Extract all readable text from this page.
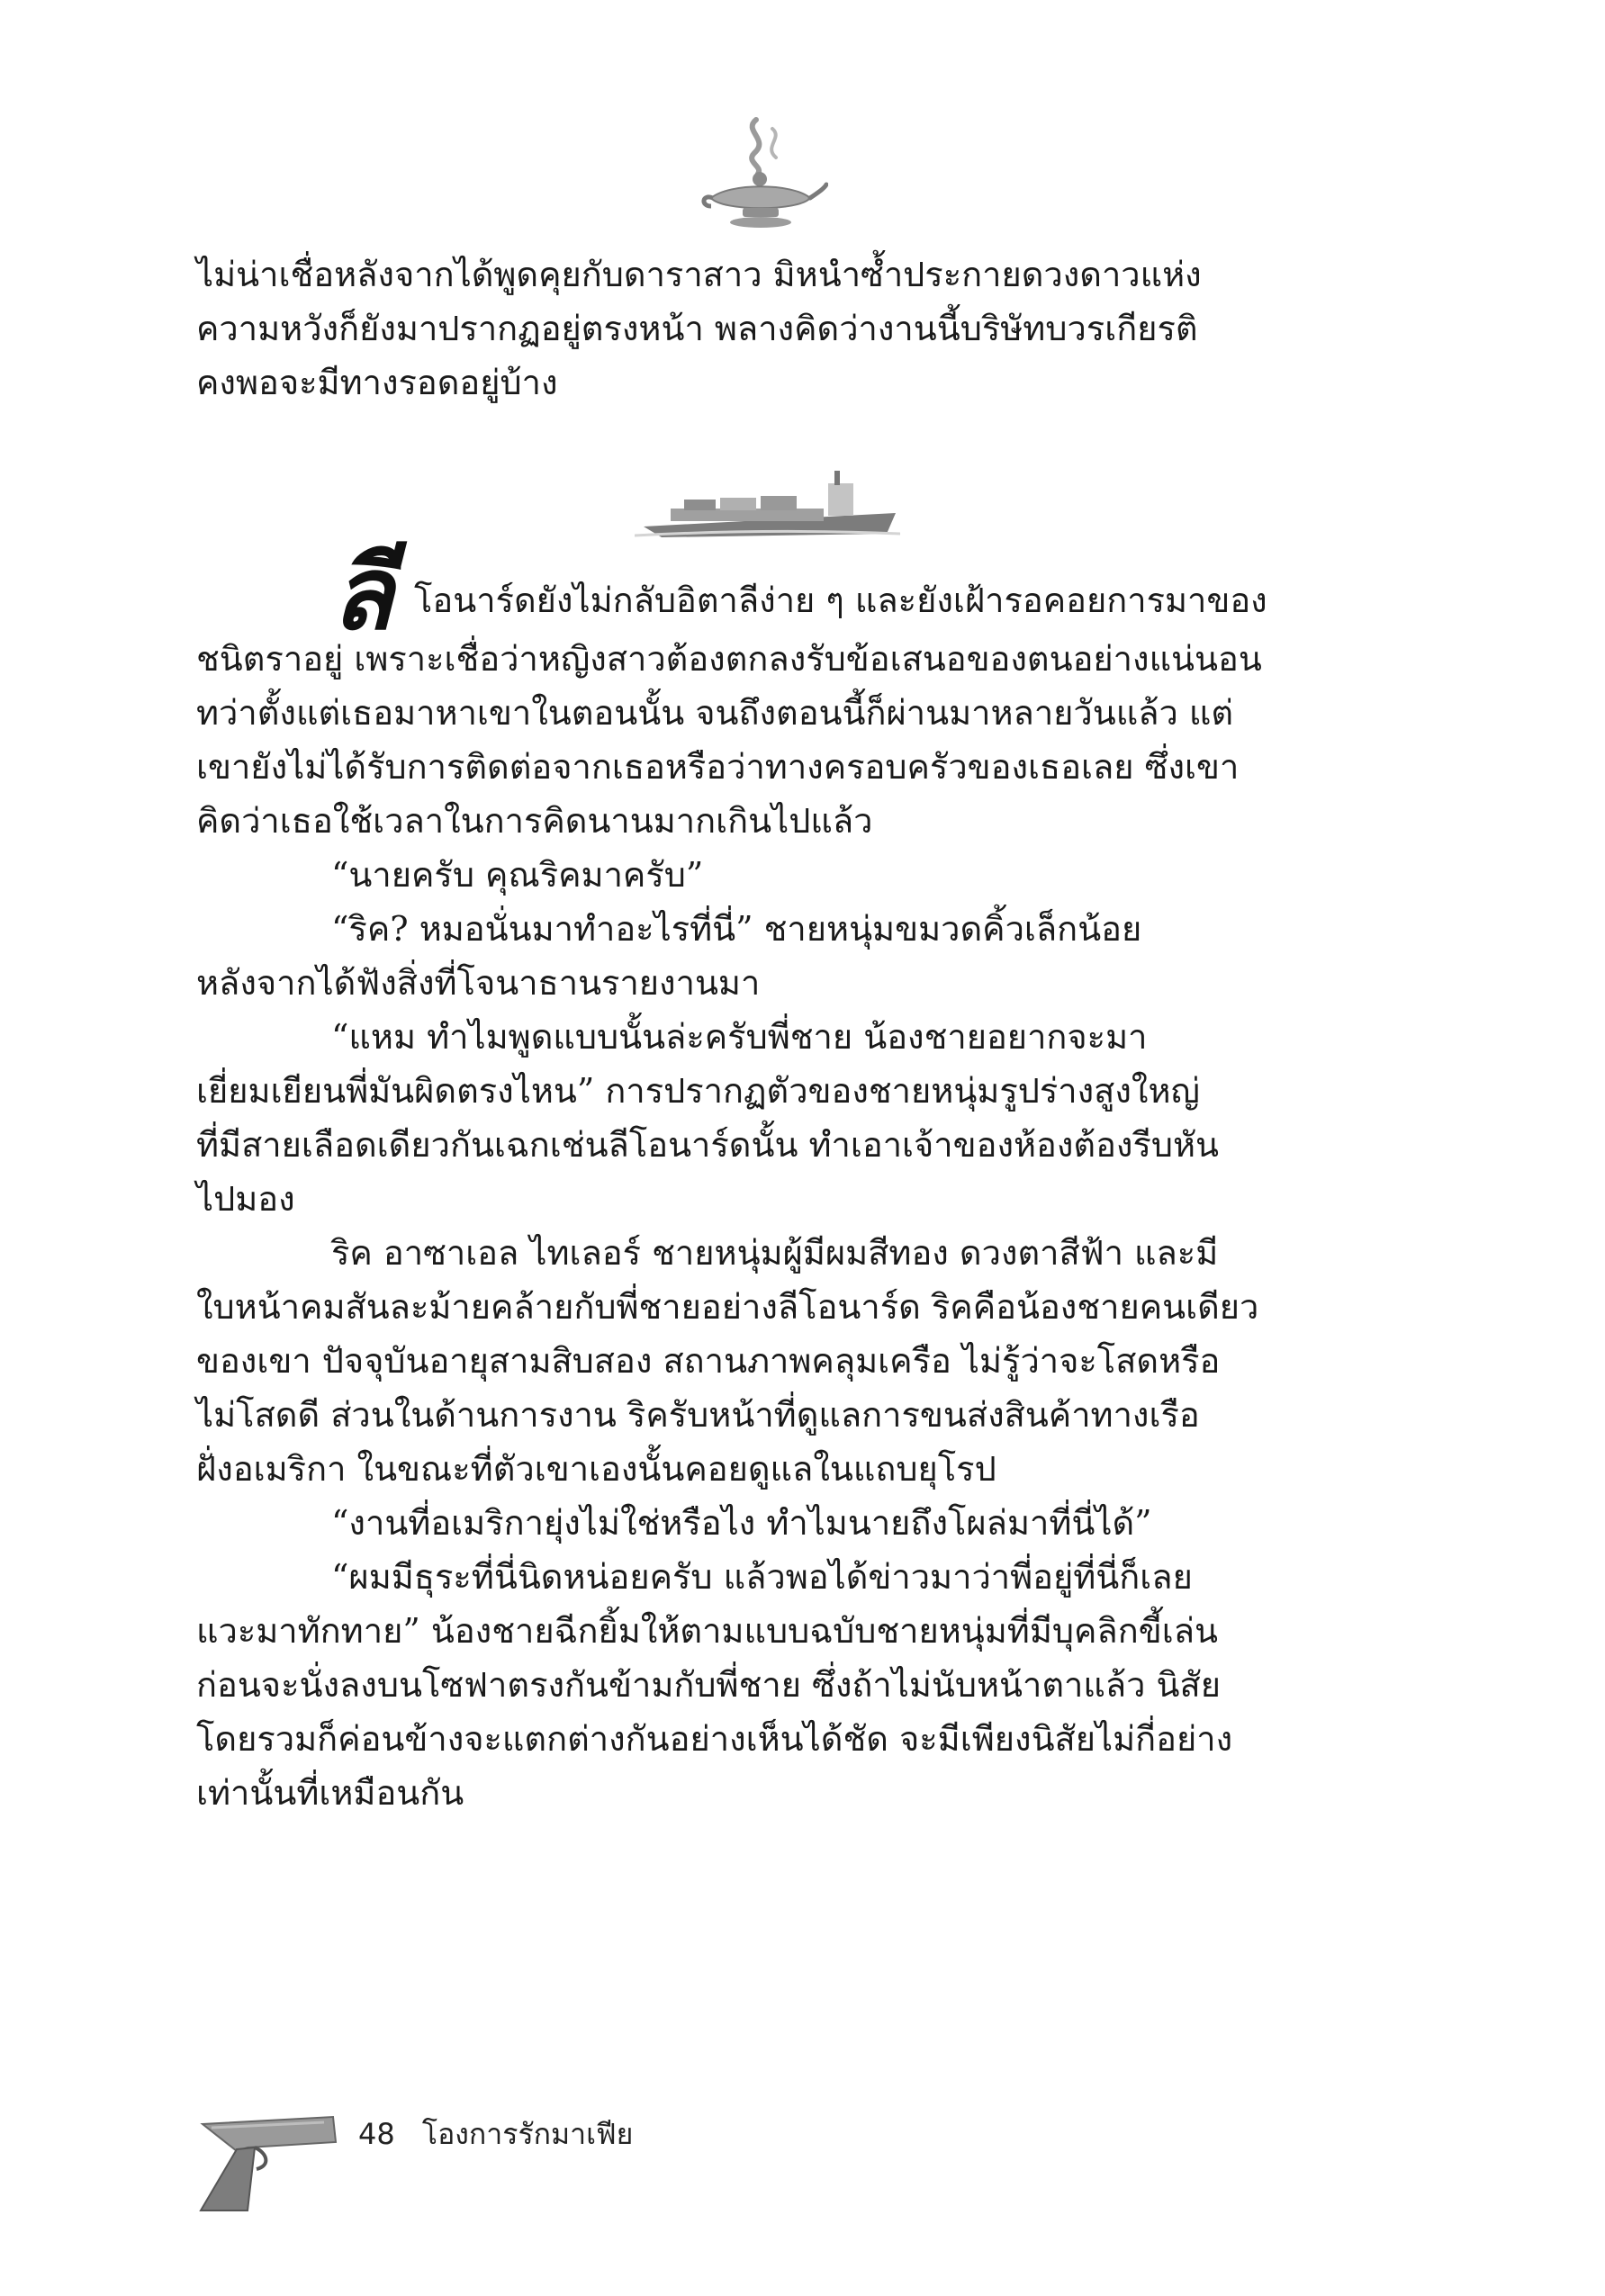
ไม่น่าเชื่อหลังจากได้พูดคุยกับดาราสาว มิหนำซ้ำประกายดวงดาวแห่ง
ความหวังก็ยังมาปรากฏอยู่ตรงหน้า พลางคิดว่างานนี้บริษัทบวรเกียรติ
คงพอจะมีทางรอดอยู่บ้าง
ลี โอนาร์ดยังไม่กลับอิตาลีง่าย ๆ และยังเฝ้ารอคอยการมาของ
ชนิตราอยู่ เพราะเชื่อว่าหญิงสาวต้องตกลงรับข้อเสนอของตนอย่างแน่นอน
ทว่าตั้งแต่เธอมาหาเขาในตอนนั้น จนถึงตอนนี้ก็ผ่านมาหลายวันแล้ว แต่
เขายังไม่ได้รับการติดต่อจากเธอหรือว่าทางครอบครัวของเธอเลย ซึ่งเขา
คิดว่าเธอใช้เวลาในการคิดนานมากเกินไปแล้ว
“นายครับ คุณริคมาครับ”
“ริค? หมอนั่นมาทำอะไรที่นี่” ชายหนุ่มขมวดคิ้วเล็กน้อย
หลังจากได้ฟังสิ่งที่โจนาธานรายงานมา
“แหม ทำไมพูดแบบนั้นล่ะครับพี่ชาย น้องชายอยากจะมา
เยี่ยมเยียนพี่มันผิดตรงไหน” การปรากฏตัวของชายหนุ่มรูปร่างสูงใหญ่
ที่มีสายเลือดเดียวกันเฉกเช่นลีโอนาร์ดนั้น ทำเอาเจ้าของห้องต้องรีบหัน
ไปมอง
ริค อาซาเอล ไทเลอร์ ชายหนุ่มผู้มีผมสีทอง ดวงตาสีฟ้า และมี
ใบหน้าคมสันละม้ายคล้ายกับพี่ชายอย่างลีโอนาร์ด ริคคือน้องชายคนเดียว
ของเขา ปัจจุบันอายุสามสิบสอง สถานภาพคลุมเครือ ไม่รู้ว่าจะโสดหรือ
ไม่โสดดี ส่วนในด้านการงาน ริครับหน้าที่ดูแลการขนส่งสินค้าทางเรือ
ฝั่งอเมริกา ในขณะที่ตัวเขาเองนั้นคอยดูแลในแถบยุโรป
“งานที่อเมริกายุ่งไม่ใช่หรือไง ทำไมนายถึงโผล่มาที่นี่ได้”
“ผมมีธุระที่นี่นิดหน่อยครับ แล้วพอได้ข่าวมาว่าพี่อยู่ที่นี่ก็เลย
แวะมาทักทาย” น้องชายฉีกยิ้มให้ตามแบบฉบับชายหนุ่มที่มีบุคลิกขี้เล่น
ก่อนจะนั่งลงบนโซฟาตรงกันข้ามกับพี่ชาย ซึ่งถ้าไม่นับหน้าตาแล้ว นิสัย
โดยรวมก็ค่อนข้างจะแตกต่างกันอย่างเห็นได้ชัด จะมีเพียงนิสัยไม่กี่อย่าง
เท่านั้นที่เหมือนกัน
48 โองการรักมาเฟีย
